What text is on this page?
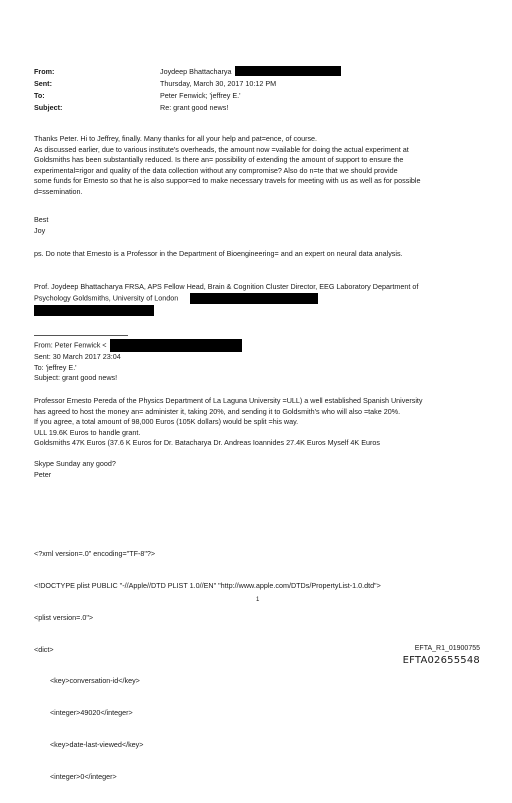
From:	Joydeep Bhattacharya
Sent:	Thursday, March 30, 2017 10:12 PM
To:	Peter Fenwick; 'jeffrey E.'
Subject:	Re: grant good news!
Thanks Peter. Hi to Jeffrey, finally. Many thanks for all your help and pat=ence, of course.
As discussed earlier, due to various institute's overheads, the amount now =vailable for doing the actual experiment at
Goldsmiths has been substantially reduced. Is there an= possibility of extending the amount of support to ensure the
experimental=rigor and quality of the data collection without any compromise? Also do n=te that we should provide
some funds for Ernesto so that he is also suppor=ed to make necessary travels for meeting with us as well as for possible
d=ssemination.
Best
Joy
ps. Do note that Ernesto is a Professor in the Department of Bioengineering= and an expert on neural data analysis.
Prof. Joydeep Bhattacharya FRSA, APS Fellow Head, Brain & Cognition Cluster Director, EEG Laboratory Department of
Psychology Goldsmiths, University of London
From: Peter Fenwick <
Sent: 30 March 2017 23:04
To: 'jeffrey E.'
Subject: grant good news!
Professor Ernesto Pereda of the Physics Department of La Laguna University =ULL) a well established Spanish University
has agreed to host the money an= administer it, taking 20%, and sending it to Goldsmith's who will also =take 20%.
If you agree, a total amount of 98,000 Euros (105K dollars) would be split =his way.
ULL 19.6K Euros to handle grant.
Goldsmiths 47K Euros (37.6 K Euros for Dr. Batacharya Dr. Andreas Ioannides 27.4K Euros Myself 4K Euros
Skype Sunday any good?
Peter

<?xml version=.0" encoding="TF-8"?>

<!DOCTYPE plist PUBLIC "-//Apple//DTD PLIST 1.0//EN" "http://www.apple.com/DTDs/PropertyList-1.0.dtd">

<plist version=.0">

<dict>

<key>conversation-id</key>

<integer>49020</integer>

<key>date-last-viewed</key>

<integer>0</integer>

1
EFTA_R1_01900755
EFTA02655548
